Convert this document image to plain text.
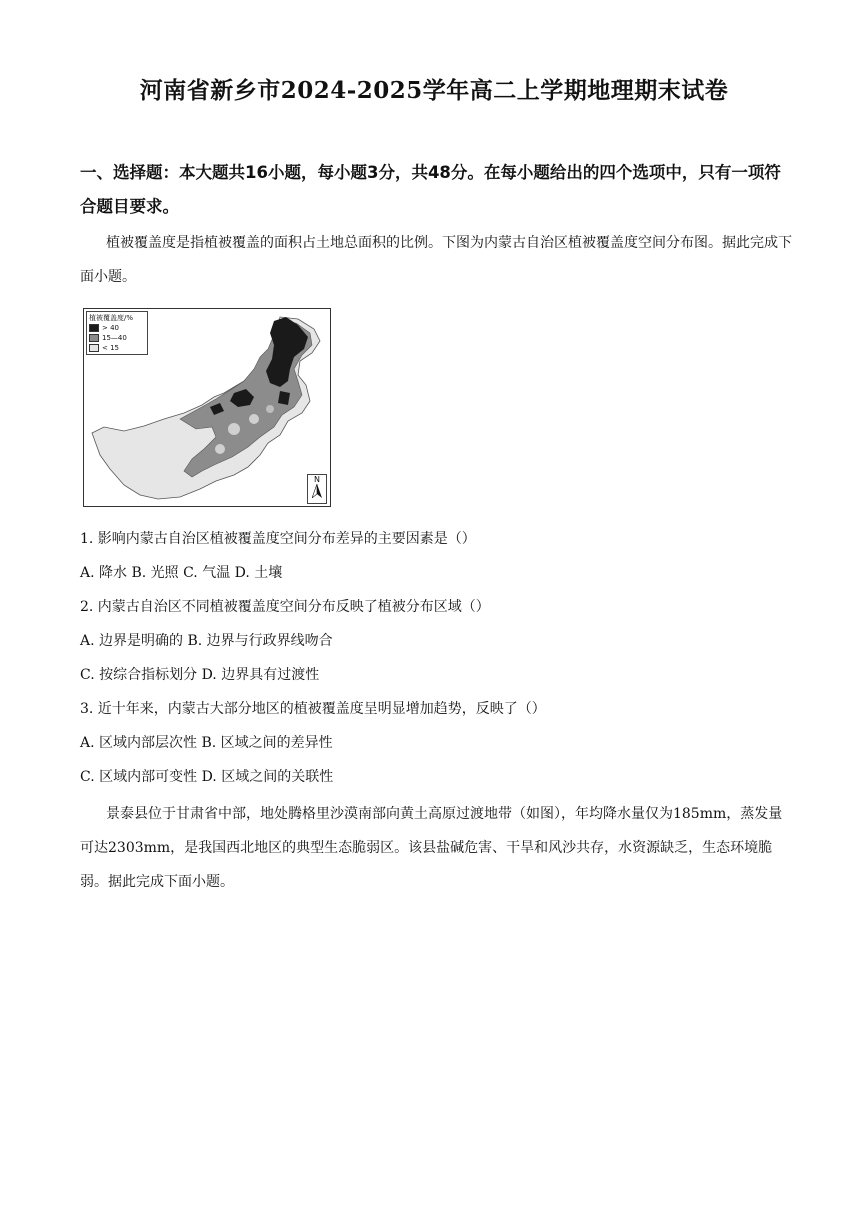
河南省新乡市2024-2025学年高二上学期地理期末试卷
一、选择题：本大题共16小题，每小题3分，共48分。在每小题给出的四个选项中，只有一项符合题目要求。
植被覆盖度是指植被覆盖的面积占土地总面积的比例。下图为内蒙古自治区植被覆盖度空间分布图。据此完成下面小题。
植被覆盖度/%
> 40
15—40
< 15
N
1. 影响内蒙古自治区植被覆盖度空间分布差异的主要因素是（）
A. 降水 B. 光照 C. 气温 D. 土壤
2. 内蒙古自治区不同植被覆盖度空间分布反映了植被分布区域（）
A. 边界是明确的 B. 边界与行政界线吻合
C. 按综合指标划分 D. 边界具有过渡性
3. 近十年来，内蒙古大部分地区的植被覆盖度呈明显增加趋势，反映了（）
A. 区域内部层次性 B. 区域之间的差异性
C. 区域内部可变性 D. 区域之间的关联性
景泰县位于甘肃省中部，地处腾格里沙漠南部向黄土高原过渡地带（如图），年均降水量仅为185mm，蒸发量可达2303mm，是我国西北地区的典型生态脆弱区。该县盐碱危害、干旱和风沙共存，水资源缺乏，生态环境脆弱。据此完成下面小题。
